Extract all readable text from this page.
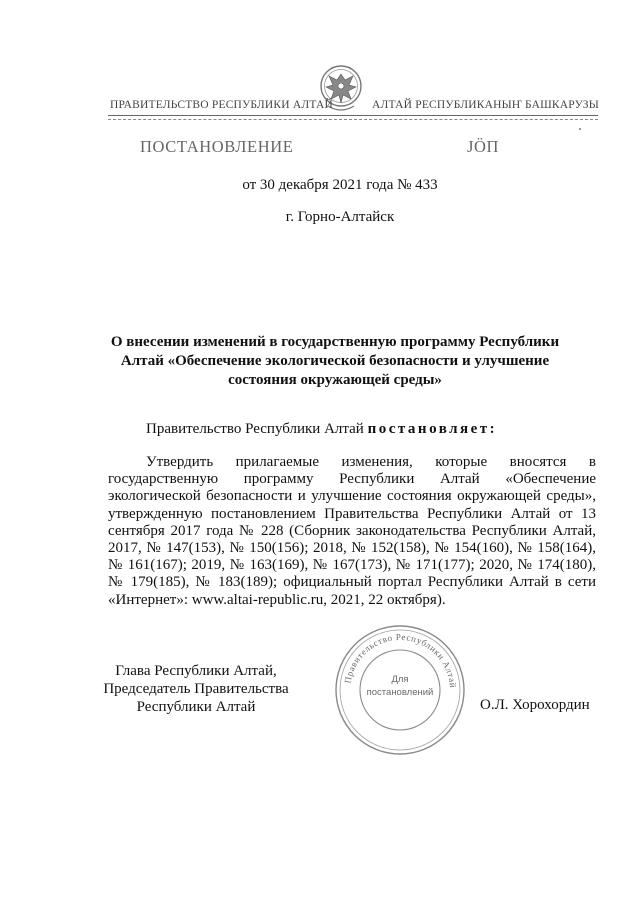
ПРАВИТЕЛЬСТВО РЕСПУБЛИКИ АЛТАЙ	АЛТАЙ РЕСПУБЛИКАНЫҤ БАШКАРУЗЫ
ПОСТАНОВЛЕНИЕ	ЈӦП
от 30 декабря 2021 года № 433
г. Горно-Алтайск
О внесении изменений в государственную программу Республики Алтай «Обеспечение экологической безопасности и улучшение состояния окружающей среды»
Правительство Республики Алтай постановляет:

Утвердить прилагаемые изменения, которые вносятся в государственную программу Республики Алтай «Обеспечение экологической безопасности и улучшение состояния окружающей среды», утвержденную постановлением Правительства Республики Алтай от 13 сентября 2017 года № 228 (Сборник законодательства Республики Алтай, 2017, № 147(153), № 150(156); 2018, № 152(158), № 154(160), № 158(164), № 161(167); 2019, № 163(169), № 167(173), № 171(177); 2020, № 174(180), № 179(185), № 183(189); официальный портал Республики Алтай в сети «Интернет»: www.altai-republic.ru, 2021, 22 октября).

Правительство Республики Алтай
Для
постановлений
Глава Республики Алтай,
Председатель Правительства
Республики Алтай	О.Л. Хорохордин
